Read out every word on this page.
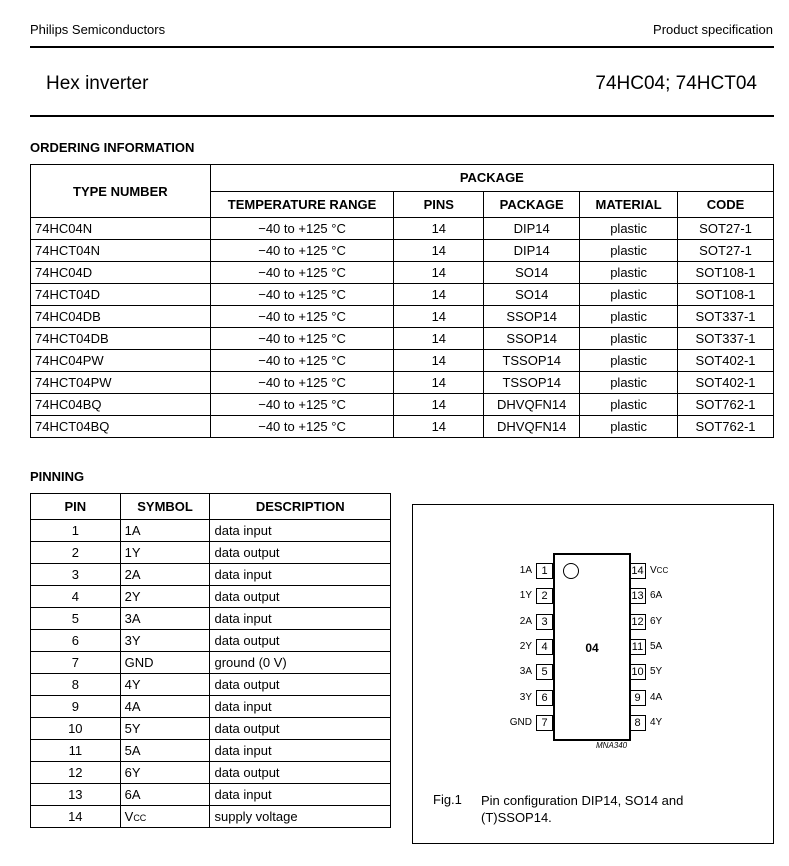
Philips Semiconductors	Product specification
Hex inverter	74HC04; 74HCT04
ORDERING INFORMATION
TYPE NUMBER	PACKAGE				
	TEMPERATURE RANGE	PINS	PACKAGE	MATERIAL	CODE
74HC04N	−40 to +125 °C	14	DIP14	plastic	SOT27-1
74HCT04N	−40 to +125 °C	14	DIP14	plastic	SOT27-1
74HC04D	−40 to +125 °C	14	SO14	plastic	SOT108-1
74HCT04D	−40 to +125 °C	14	SO14	plastic	SOT108-1
74HC04DB	−40 to +125 °C	14	SSOP14	plastic	SOT337-1
74HCT04DB	−40 to +125 °C	14	SSOP14	plastic	SOT337-1
74HC04PW	−40 to +125 °C	14	TSSOP14	plastic	SOT402-1
74HCT04PW	−40 to +125 °C	14	TSSOP14	plastic	SOT402-1
74HC04BQ	−40 to +125 °C	14	DHVQFN14	plastic	SOT762-1
74HCT04BQ	−40 to +125 °C	14	DHVQFN14	plastic	SOT762-1
PINNING
PIN	SYMBOL	DESCRIPTION
1	1A	data input
2	1Y	data output
3	2A	data input
4	2Y	data output
5	3A	data input
6	3Y	data output
7	GND	ground (0 V)
8	4Y	data output
9	4A	data input
10	5Y	data output
11	5A	data input
12	6Y	data output
13	6A	data input
14	VCC	supply voltage
04
1
1A
2
1Y
3
2A
4
2Y
5
3A
6
3Y
7
GND
14 VCC
13 6A
12 6Y
11 5A
10 5Y
9 4A
8 4Y
MNA340
Fig.1 Pin configuration DIP14, SO14 and (T)SSOP14.
